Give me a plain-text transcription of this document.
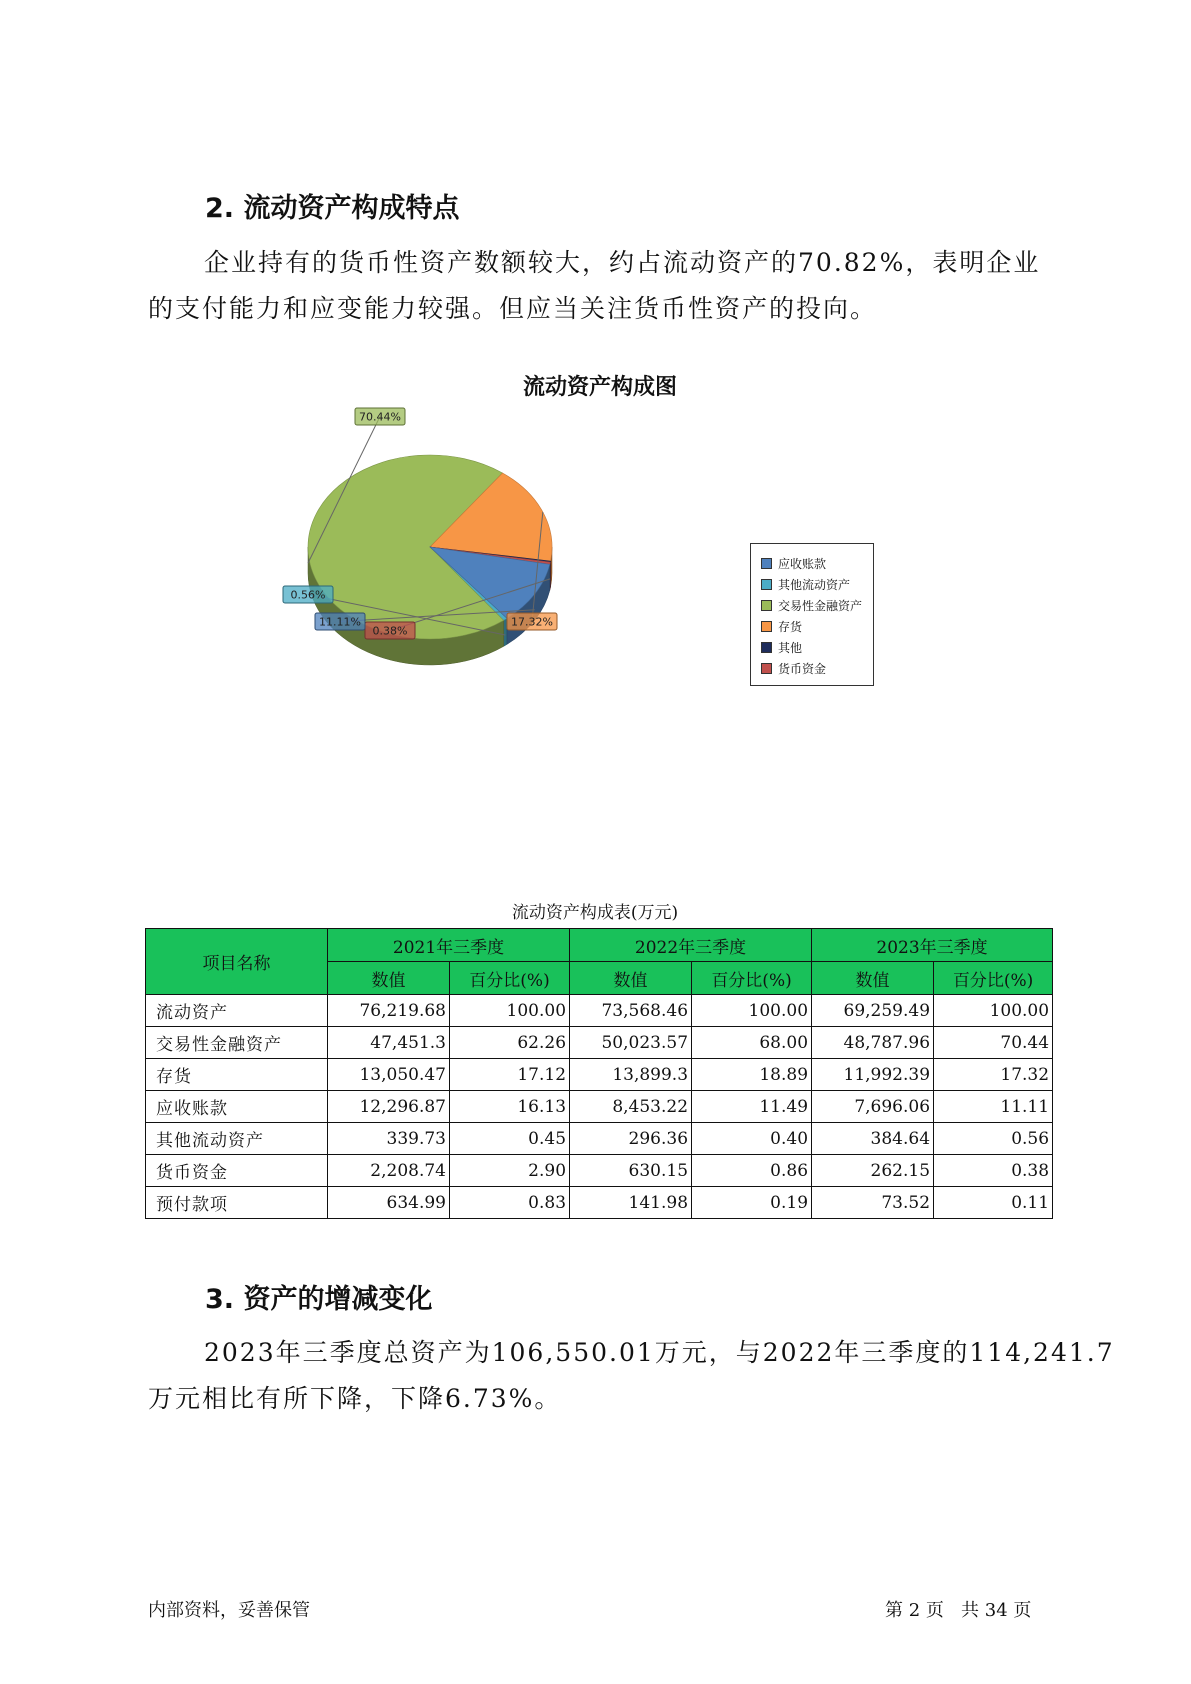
2. 流动资产构成特点
企业持有的货币性资产数额较大，约占流动资产的70.82%，表明企业
的支付能力和应变能力较强。但应当关注货币性资产的投向。
流动资产构成图
0.56%
70.44%
17.32%
0.38%
11.11%
应收账款
其他流动资产
交易性金融资产
存货
其他
货币资金
流动资产构成表(万元)
项目名称	2021年三季度		2022年三季度		2023年三季度	
	数值	百分比(%)	数值	百分比(%)	数值	百分比(%)
流动资产	76,219.68	100.00	73,568.46	100.00	69,259.49	100.00
交易性金融资产	47,451.3	62.26	50,023.57	68.00	48,787.96	70.44
存货	13,050.47	17.12	13,899.3	18.89	11,992.39	17.32
应收账款	12,296.87	16.13	8,453.22	11.49	7,696.06	11.11
其他流动资产	339.73	0.45	296.36	0.40	384.64	0.56
货币资金	2,208.74	2.90	630.15	0.86	262.15	0.38
预付款项	634.99	0.83	141.98	0.19	73.52	0.11
3. 资产的增减变化
2023年三季度总资产为106,550.01万元，与2022年三季度的114,241.7
万元相比有所下降，下降6.73%。
内部资料，妥善保管	第 2 页   共 34 页
